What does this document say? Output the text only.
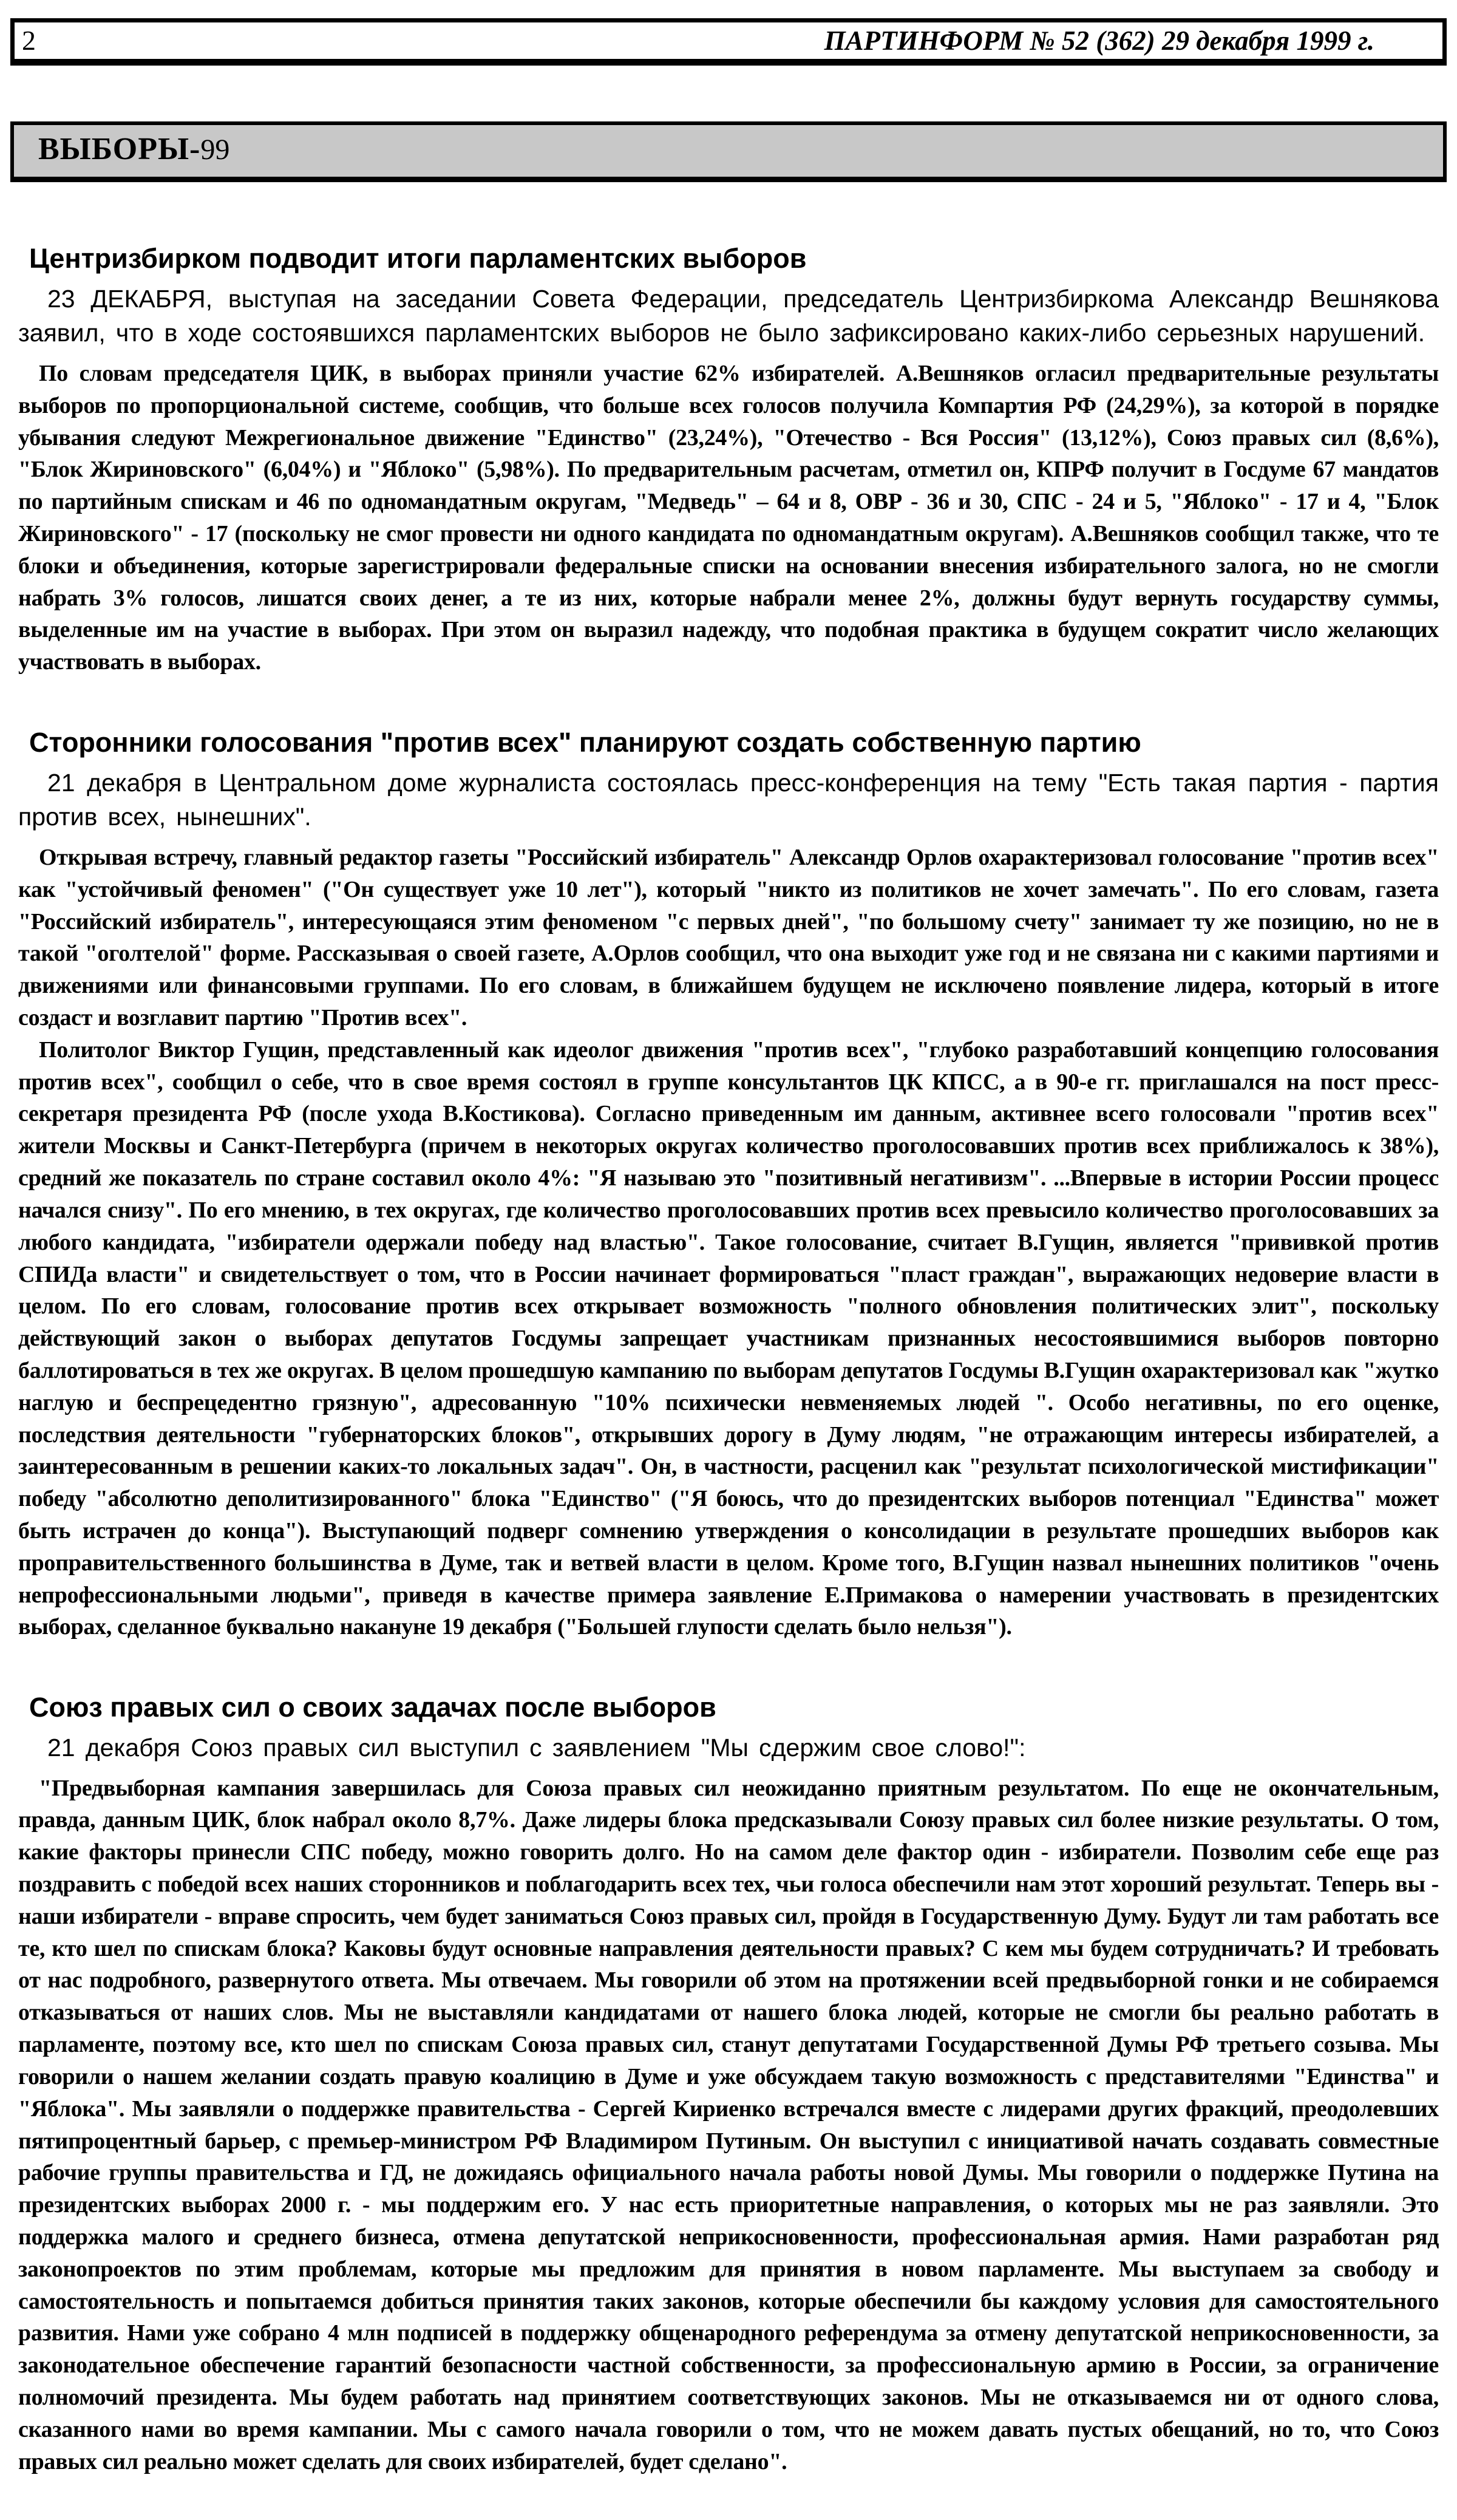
2	ПАРТИНФОРМ № 52 (362) 29 декабря 1999 г.
ВЫБОРЫ-99
Центризбирком подводит итоги парламентских выборов

23 ДЕКАБРЯ, выступая на заседании Совета Федерации, председатель Центризбиркома Александр Вешнякова заявил, что в ходе состоявшихся парламентских выборов не было зафиксировано каких-либо серьезных нарушений.

По словам председателя ЦИК, в выборах приняли участие 62% избирателей. А.Вешняков огласил предварительные результаты выборов по пропорциональной системе, сообщив, что больше всех голосов получила Компартия РФ (24,29%), за которой в порядке убывания следуют Межрегиональное движение "Единство" (23,24%), "Отечество - Вся Россия" (13,12%), Союз правых сил (8,6%), "Блок Жириновского" (6,04%) и "Яблоко" (5,98%). По предварительным расчетам, отметил он, КПРФ получит в Госдуме 67 мандатов по партийным спискам и 46 по одномандатным округам, "Медведь" – 64 и 8, ОВР - 36 и 30, СПС - 24 и 5, "Яблоко" - 17 и 4, "Блок Жириновского" - 17 (поскольку не смог провести ни одного кандидата по одномандатным округам). А.Вешняков сообщил также, что те блоки и объединения, которые зарегистрировали федеральные списки на основании внесения избирательного залога, но не смогли набрать 3% голосов, лишатся своих денег, а те из них, которые набрали менее 2%, должны будут вернуть государству суммы, выделенные им на участие в выборах. При этом он выразил надежду, что подобная практика в будущем сократит число желающих участвовать в выборах.

Сторонники голосования "против всех" планируют создать собственную партию

21 декабря в Центральном доме журналиста состоялась пресс-конференция на тему "Есть такая партия - партия против всех, нынешних".

Открывая встречу, главный редактор газеты "Российский избиратель" Александр Орлов охарактеризовал голосование "против всех" как "устойчивый феномен" ("Он существует уже 10 лет"), который "никто из политиков не хочет замечать". По его словам, газета "Российский избиратель", интересующаяся этим феноменом "с первых дней", "по большому счету" занимает ту же позицию, но не в такой "оголтелой" форме. Рассказывая о своей газете, А.Орлов сообщил, что она выходит уже год и не связана ни с какими партиями и движениями или финансовыми группами. По его словам, в ближайшем будущем не исключено появление лидера, который в итоге создаст и возглавит партию "Против всех".

Политолог Виктор Гущин, представленный как идеолог движения "против всех", "глубоко разработавший концепцию голосования против всех", сообщил о себе, что в свое время состоял в группе консультантов ЦК КПСС, а в 90-е гг. приглашался на пост пресс-секретаря президента РФ (после ухода В.Костикова). Согласно приведенным им данным, активнее всего голосовали "против всех" жители Москвы и Санкт-Петербурга (причем в некоторых округах количество проголосовавших против всех приближалось к 38%), средний же показатель по стране составил около 4%: "Я называю это "позитивный негативизм". ...Впервые в истории России процесс начался снизу". По его мнению, в тех округах, где количество проголосовавших против всех превысило количество проголосовавших за любого кандидата, "избиратели одержали победу над властью". Такое голосование, считает В.Гущин, является "прививкой против СПИДа власти" и свидетельствует о том, что в России начинает формироваться "пласт граждан", выражающих недоверие власти в целом. По его словам, голосование против всех открывает возможность "полного обновления политических элит", поскольку действующий закон о выборах депутатов Госдумы запрещает участникам признанных несостоявшимися выборов повторно баллотироваться в тех же округах. В целом прошедшую кампанию по выборам депутатов Госдумы В.Гущин охарактеризовал как "жутко наглую и беспрецедентно грязную", адресованную "10% психически невменяемых людей ". Особо негативны, по его оценке, последствия деятельности "губернаторских блоков", открывших дорогу в Думу людям, "не отражающим интересы избирателей, а заинтересованным в решении каких-то локальных задач". Он, в частности, расценил как "результат психологической мистификации" победу "абсолютно деполитизированного" блока "Единство" ("Я боюсь, что до президентских выборов потенциал "Единства" может быть истрачен до конца"). Выступающий подверг сомнению утверждения о консолидации в результате прошедших выборов как проправительственного большинства в Думе, так и ветвей власти в целом. Кроме того, В.Гущин назвал нынешних политиков "очень непрофессиональными людьми", приведя в качестве примера заявление Е.Примакова о намерении участвовать в президентских выборах, сделанное буквально накануне 19 декабря ("Большей глупости сделать было нельзя").

Союз правых сил о своих задачах после выборов

21 декабря Союз правых сил выступил с заявлением "Мы сдержим свое слово!":

"Предвыборная кампания завершилась для Союза правых сил неожиданно приятным результатом. По еще не окончательным, правда, данным ЦИК, блок набрал около 8,7%. Даже лидеры блока предсказывали Союзу правых сил более низкие результаты. О том, какие факторы принесли СПС победу, можно говорить долго. Но на самом деле фактор один - избиратели. Позволим себе еще раз поздравить с победой всех наших сторонников и поблагодарить всех тех, чьи голоса обеспечили нам этот хороший результат. Теперь вы - наши избиратели - вправе спросить, чем будет заниматься Союз правых сил, пройдя в Государственную Думу. Будут ли там работать все те, кто шел по спискам блока? Каковы будут основные направления деятельности правых? С кем мы будем сотрудничать? И требовать от нас подробного, развернутого ответа. Мы отвечаем. Мы говорили об этом на протяжении всей предвыборной гонки и не собираемся отказываться от наших слов. Мы не выставляли кандидатами от нашего блока людей, которые не смогли бы реально работать в парламенте, поэтому все, кто шел по спискам Союза правых сил, станут депутатами Государственной Думы РФ третьего созыва. Мы говорили о нашем желании создать правую коалицию в Думе и уже обсуждаем такую возможность с представителями "Единства" и "Яблока". Мы заявляли о поддержке правительства - Сергей Кириенко встречался вместе с лидерами других фракций, преодолевших пятипроцентный барьер, с премьер-министром РФ Владимиром Путиным. Он выступил с инициативой начать создавать совместные рабочие группы правительства и ГД, не дожидаясь официального начала работы новой Думы. Мы говорили о поддержке Путина на президентских выборах 2000 г. - мы поддержим его. У нас есть приоритетные направления, о которых мы не раз заявляли. Это поддержка малого и среднего бизнеса, отмена депутатской неприкосновенности, профессиональная армия. Нами разработан ряд законопроектов по этим проблемам, которые мы предложим для принятия в новом парламенте. Мы выступаем за свободу и самостоятельность и попытаемся добиться принятия таких законов, которые обеспечили бы каждому условия для самостоятельного развития. Нами уже собрано 4 млн подписей в поддержку общенародного референдума за отмену депутатской неприкосновенности, за законодательное обеспечение гарантий безопасности частной собственности, за профессиональную армию в России, за ограничение полномочий президента. Мы будем работать над принятием соответствующих законов. Мы не отказываемся ни от одного слова, сказанного нами во время кампании. Мы с самого начала говорили о том, что не можем давать пустых обещаний, но то, что Союз правых сил реально может сделать для своих избирателей, будет сделано".
